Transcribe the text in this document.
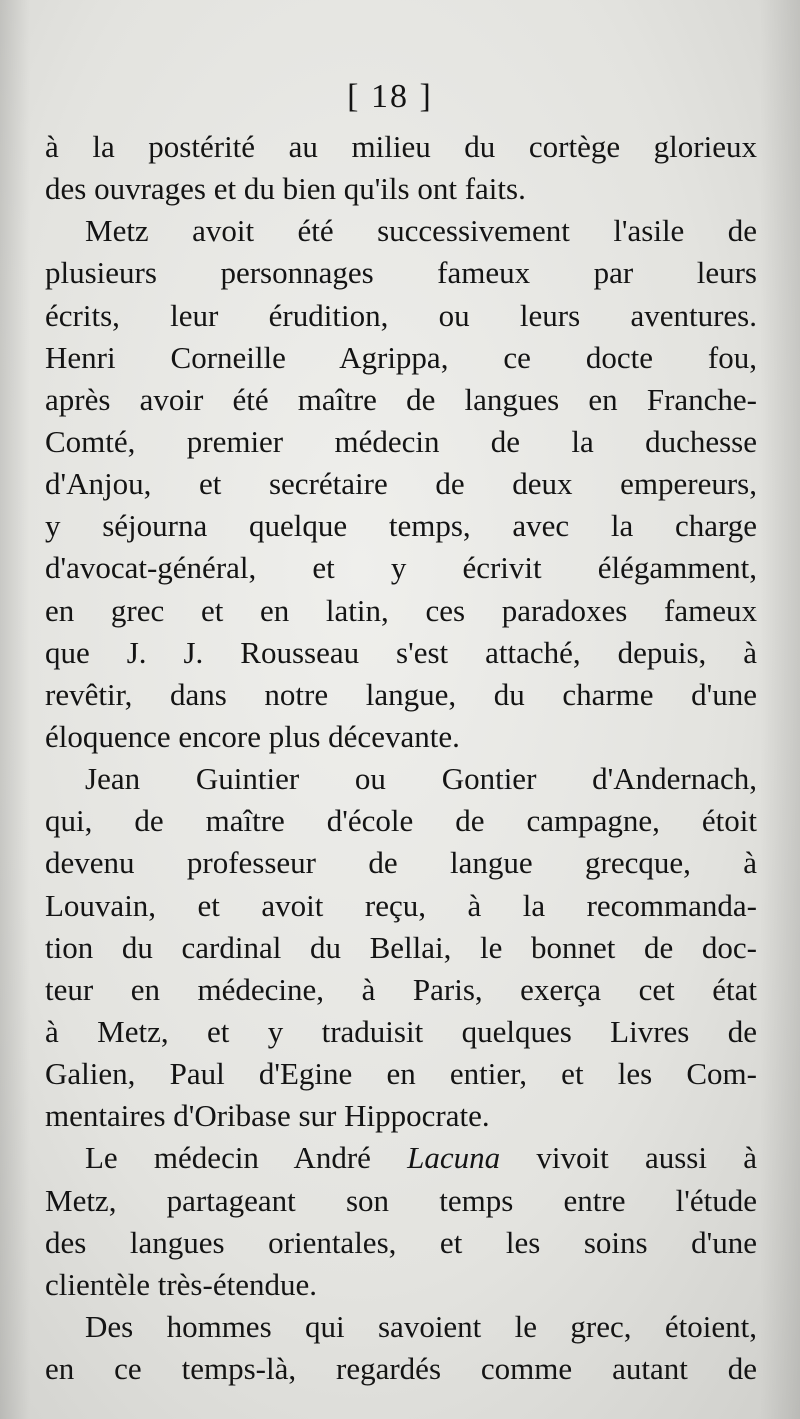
[ 18 ]
à la postérité au milieu du cortège glorieux
des ouvrages et du bien qu'ils ont faits.
Metz avoit été successivement l'asile de
plusieurs personnages fameux par leurs
écrits, leur érudition, ou leurs aventures.
Henri Corneille Agrippa, ce docte fou,
après avoir été maître de langues en Franche-
Comté, premier médecin de la duchesse
d'Anjou, et secrétaire de deux empereurs,
y séjourna quelque temps, avec la charge
d'avocat-général, et y écrivit élégamment,
en grec et en latin, ces paradoxes fameux
que J. J. Rousseau s'est attaché, depuis, à
revêtir, dans notre langue, du charme d'une
éloquence encore plus décevante.
Jean Guintier ou Gontier d'Andernach,
qui, de maître d'école de campagne, étoit
devenu professeur de langue grecque, à
Louvain, et avoit reçu, à la recommanda-
tion du cardinal du Bellai, le bonnet de doc-
teur en médecine, à Paris, exerça cet état
à Metz, et y traduisit quelques Livres de
Galien, Paul d'Egine en entier, et les Com-
mentaires d'Oribase sur Hippocrate.
Le médecin André Lacuna vivoit aussi à
Metz, partageant son temps entre l'étude
des langues orientales, et les soins d'une
clientèle très-étendue.
Des hommes qui savoient le grec, étoient,
en ce temps-là, regardés comme autant de
